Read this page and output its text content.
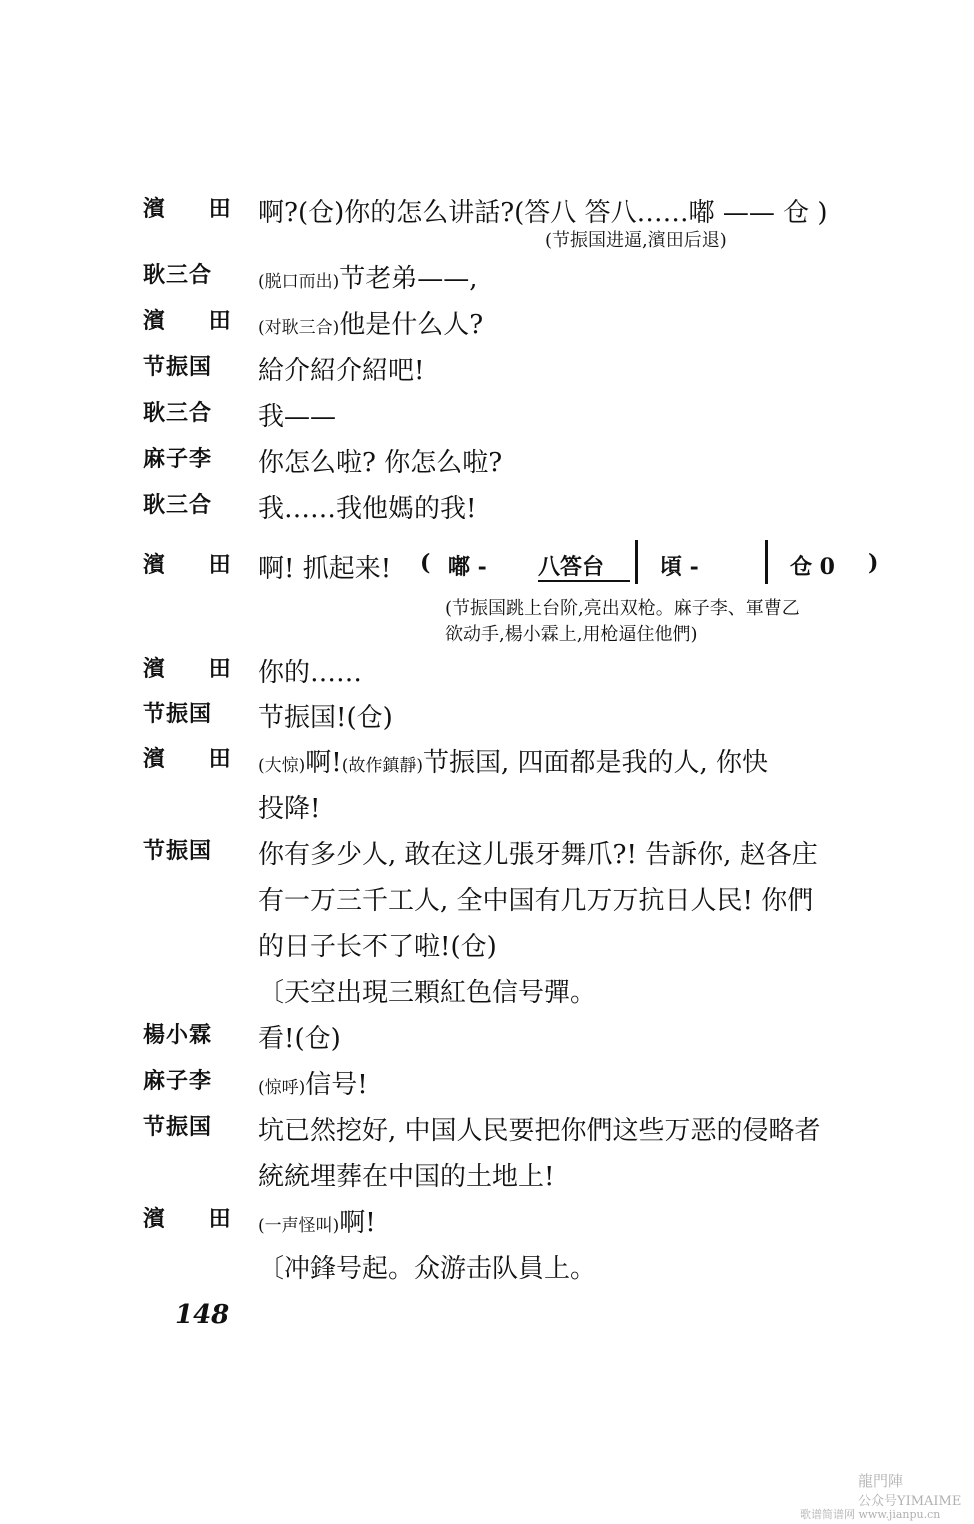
濱 田 啊?(仓)你的怎么讲話?(答八 答八……嘟 —— 仓 )
(节振国进逼,濱田后退)
耿三合	(脱口而出)节老弟——,
濱 田 (对耿三合)他是什么人?
节振国	給介紹介紹吧!
耿三合	我——
麻子李	你怎么啦? 你怎么啦?
耿三合	我……我他媽的我!
濱 田 啊! 抓起来! ( 嘟 - 八答台	頃 -	仓 0 )
(节振国跳上台阶,亮出双枪。麻子李、軍曹乙
欲动手,楊小霖上,用枪逼住他們)
濱 田 你的……
节振国	节振国!(仓)
濱 田 (大惊)啊!(故作鎮靜)节振国, 四面都是我的人, 你快
投降!
节振国	你有多少人, 敢在这儿張牙舞爪?! 告訴你, 赵各庄
有一万三千工人, 全中国有几万万抗日人民! 你們
的日子长不了啦!(仓)
〔天空出現三顆紅色信号彈。
楊小霖	看!(仓)
麻子李	(惊呼)信号!
节振国	坑已然挖好, 中国人民要把你們这些万恶的侵略者
統統埋葬在中国的土地上!
濱 田 (一声怪叫)啊!
〔冲鋒号起。众游击队員上。
148
龍門陣
公众号YIMAIME
歌谱简谱网 www.jianpu.cn
